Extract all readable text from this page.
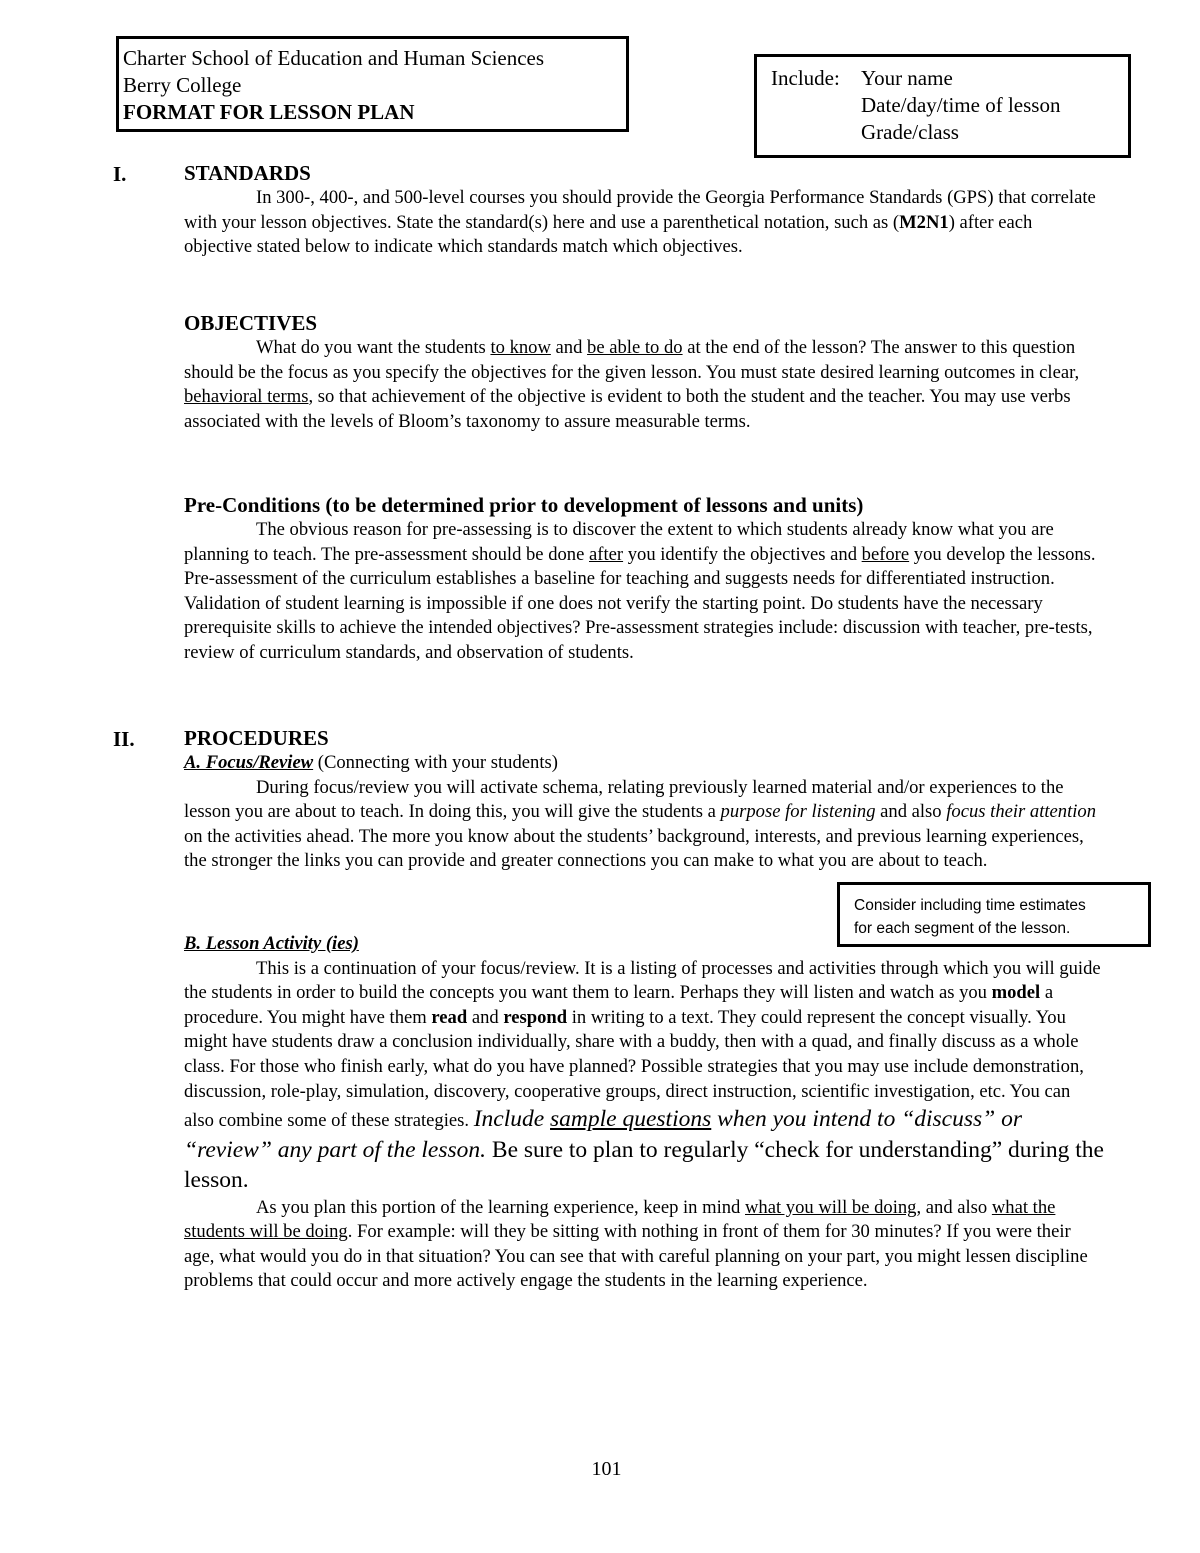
Charter School of Education and Human Sciences
Berry College
FORMAT FOR LESSON PLAN
Include:	Your name
Date/day/time of lesson
Grade/class
I.	STANDARDS

In 300-, 400-, and 500-level courses you should provide the Georgia Performance Standards (GPS) that correlate with your lesson objectives. State the standard(s) here and use a parenthetical notation, such as (M2N1) after each objective stated below to indicate which standards match which objectives.

OBJECTIVES

What do you want the students to know and be able to do at the end of the lesson? The answer to this question should be the focus as you specify the objectives for the given lesson. You must state desired learning outcomes in clear, behavioral terms, so that achievement of the objective is evident to both the student and the teacher. You may use verbs associated with the levels of Bloom’s taxonomy to assure measurable terms.

Pre-Conditions (to be determined prior to development of lessons and units)

The obvious reason for pre-assessing is to discover the extent to which students already know what you are planning to teach. The pre-assessment should be done after you identify the objectives and before you develop the lessons. Pre-assessment of the curriculum establishes a baseline for teaching and suggests needs for differentiated instruction. Validation of student learning is impossible if one does not verify the starting point. Do students have the necessary prerequisite skills to achieve the intended objectives? Pre-assessment strategies include: discussion with teacher, pre-tests, review of curriculum standards, and observation of students.

II. PROCEDURES
A. Focus/Review (Connecting with your students)

During focus/review you will activate schema, relating previously learned material and/or experiences to the lesson you are about to teach. In doing this, you will give the students a purpose for listening and also focus their attention on the activities ahead. The more you know about the students’ background, interests, and previous learning experiences, the stronger the links you can provide and greater connections you can make to what you are about to teach.

B. Lesson Activity (ies)

This is a continuation of your focus/review. It is a listing of processes and activities through which you will guide the students in order to build the concepts you want them to learn. Perhaps they will listen and watch as you model a procedure. You might have them read and respond in writing to a text. They could represent the concept visually. You might have students draw a conclusion individually, share with a buddy, then with a quad, and finally discuss as a whole class. For those who finish early, what do you have planned? Possible strategies that you may use include demonstration, discussion, role-play, simulation, discovery, cooperative groups, direct instruction, scientific investigation, etc. You can also combine some of these strategies. Include sample questions when you intend to “discuss” or “review” any part of the lesson. Be sure to plan to regularly “check for understanding” during the lesson.

As you plan this portion of the learning experience, keep in mind what you will be doing, and also what the students will be doing. For example: will they be sitting with nothing in front of them for 30 minutes? If you were their age, what would you do in that situation? You can see that with careful planning on your part, you might lessen discipline problems that could occur and more actively engage the students in the learning experience.

Consider including time estimates
for each segment of the lesson.
101
